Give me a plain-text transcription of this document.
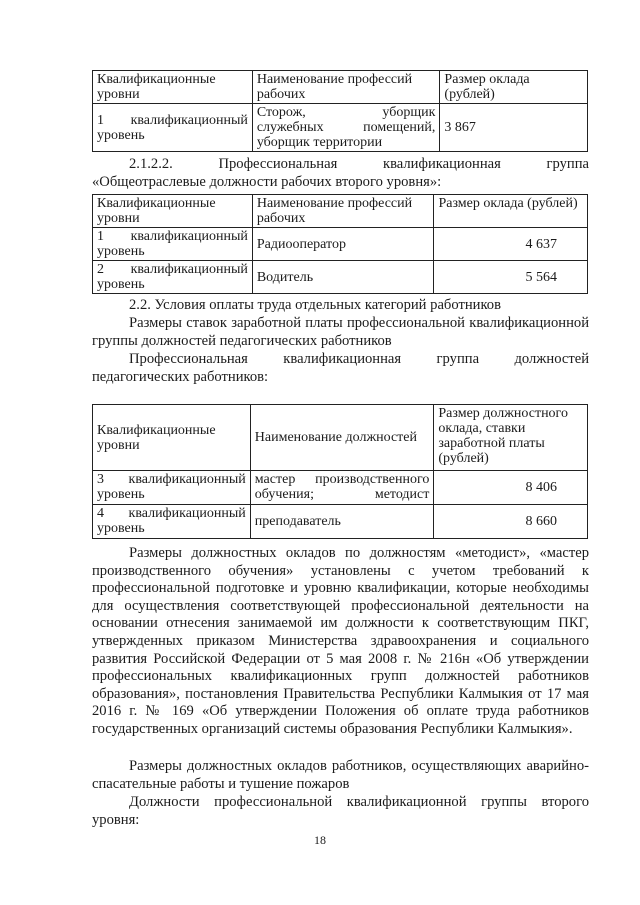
Квалификационные уровни	Наименование профессий рабочих	Размер оклада (рублей)
1 квалификационный уровень	Сторож, уборщик
служебных помещений,
уборщик территории	3 867

2.1.2.2. Профессиональная квалификационная группа

«Общеотраслевые должности рабочих второго уровня»:

Квалификационные уровни	Наименование профессий рабочих	Размер оклада (рублей)
1 квалификационный уровень	Радиооператор	4 637
2 квалификационный уровень	Водитель	5 564

2.2. Условия оплаты труда отдельных категорий работников

Размеры ставок заработной платы профессиональной квалификационной группы должностей педагогических работников

Профессиональная квалификационная группа должностей педагогических работников:

Квалификационные уровни	Наименование должностей	Размер должностного оклада, ставки заработной платы (рублей)
3 квалификационный уровень	мастер производственного обучения; методист	8 406
4 квалификационный уровень	преподаватель	8 660

Размеры должностных окладов по должностям «методист», «мастер производственного обучения» установлены с учетом требований к профессиональной подготовке и уровню квалификации, которые необходимы для осуществления соответствующей профессиональной деятельности на основании отнесения занимаемой им должности к соответствующим ПКГ, утвержденных приказом Министерства здравоохранения и социального развития Российской Федерации от 5 мая 2008 г. № 216н «Об утверждении профессиональных квалификационных групп должностей работников образования», постановления Правительства Республики Калмыкия от 17 мая 2016 г. № 169 «Об утверждении Положения об оплате труда работников государственных организаций системы образования Республики Калмыкия».

Размеры должностных окладов работников, осуществляющих аварийно-спасательные работы и тушение пожаров

Должности профессиональной квалификационной группы второго уровня:

18
